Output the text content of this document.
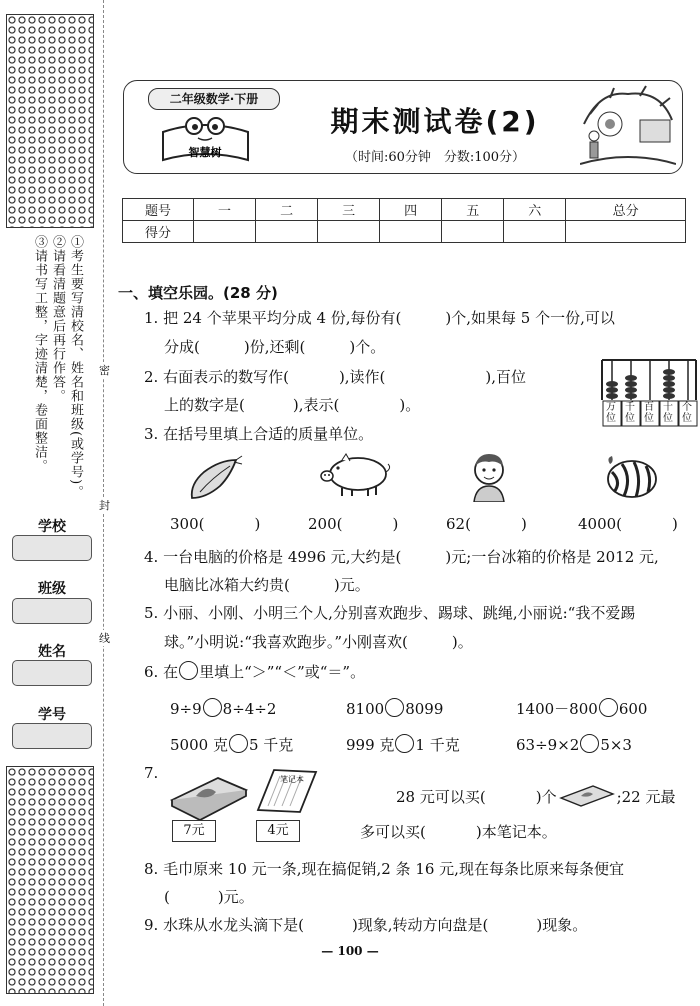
①考生要写清校名、姓名和班级(或学号)。
②请看清题意后再行作答。
③请书写工整，字迹清楚，卷面整洁。
学校
班级
姓名
学号
密
封
线
二年级数学·下册
智慧树
期末测试卷(2)
（时间:60分钟　分数:100分）
题号	一	二	三	四	五	六	总分
得分							
一、填空乐园。(28 分)
1. 把 24 个苹果平均分成 4 份,每份有(	)个,如果每 5 个一份,可以
分成(	)份,还剩(	)个。
2. 右面表示的数写作(	),读作(	),百位
上的数字是(	),表示(	)。	万位
千位
百位
十位
个位
3. 在括号里填上合适的质量单位。
300(	)	200(	)	62(	)	4000(	)
4. 一台电脑的价格是 4996 元,大约是(	)元;一台冰箱的价格是 2012 元,
电脑比冰箱大约贵(	)元。
5. 小丽、小刚、小明三个人,分别喜欢跑步、踢球、跳绳,小丽说:“我不爱踢
球。”小明说:“我喜欢跑步。”小刚喜欢(	)。
6. 在 里填上“＞”“＜”或“＝”。
9÷9 8÷4÷2	8100 8099	1400－800 600
5000 克 5 千克	999 克 1 千克	63÷9×2 5×3
7.	笔记本
7元	4元
28 元可以买(	)个	;22 元最
多可以买(	)本笔记本。
8. 毛巾原来 10 元一条,现在搞促销,2 条 16 元,现在每条比原来每条便宜
(	)元。
9. 水珠从水龙头滴下是(	)现象,转动方向盘是(	)现象。
— 100 —
